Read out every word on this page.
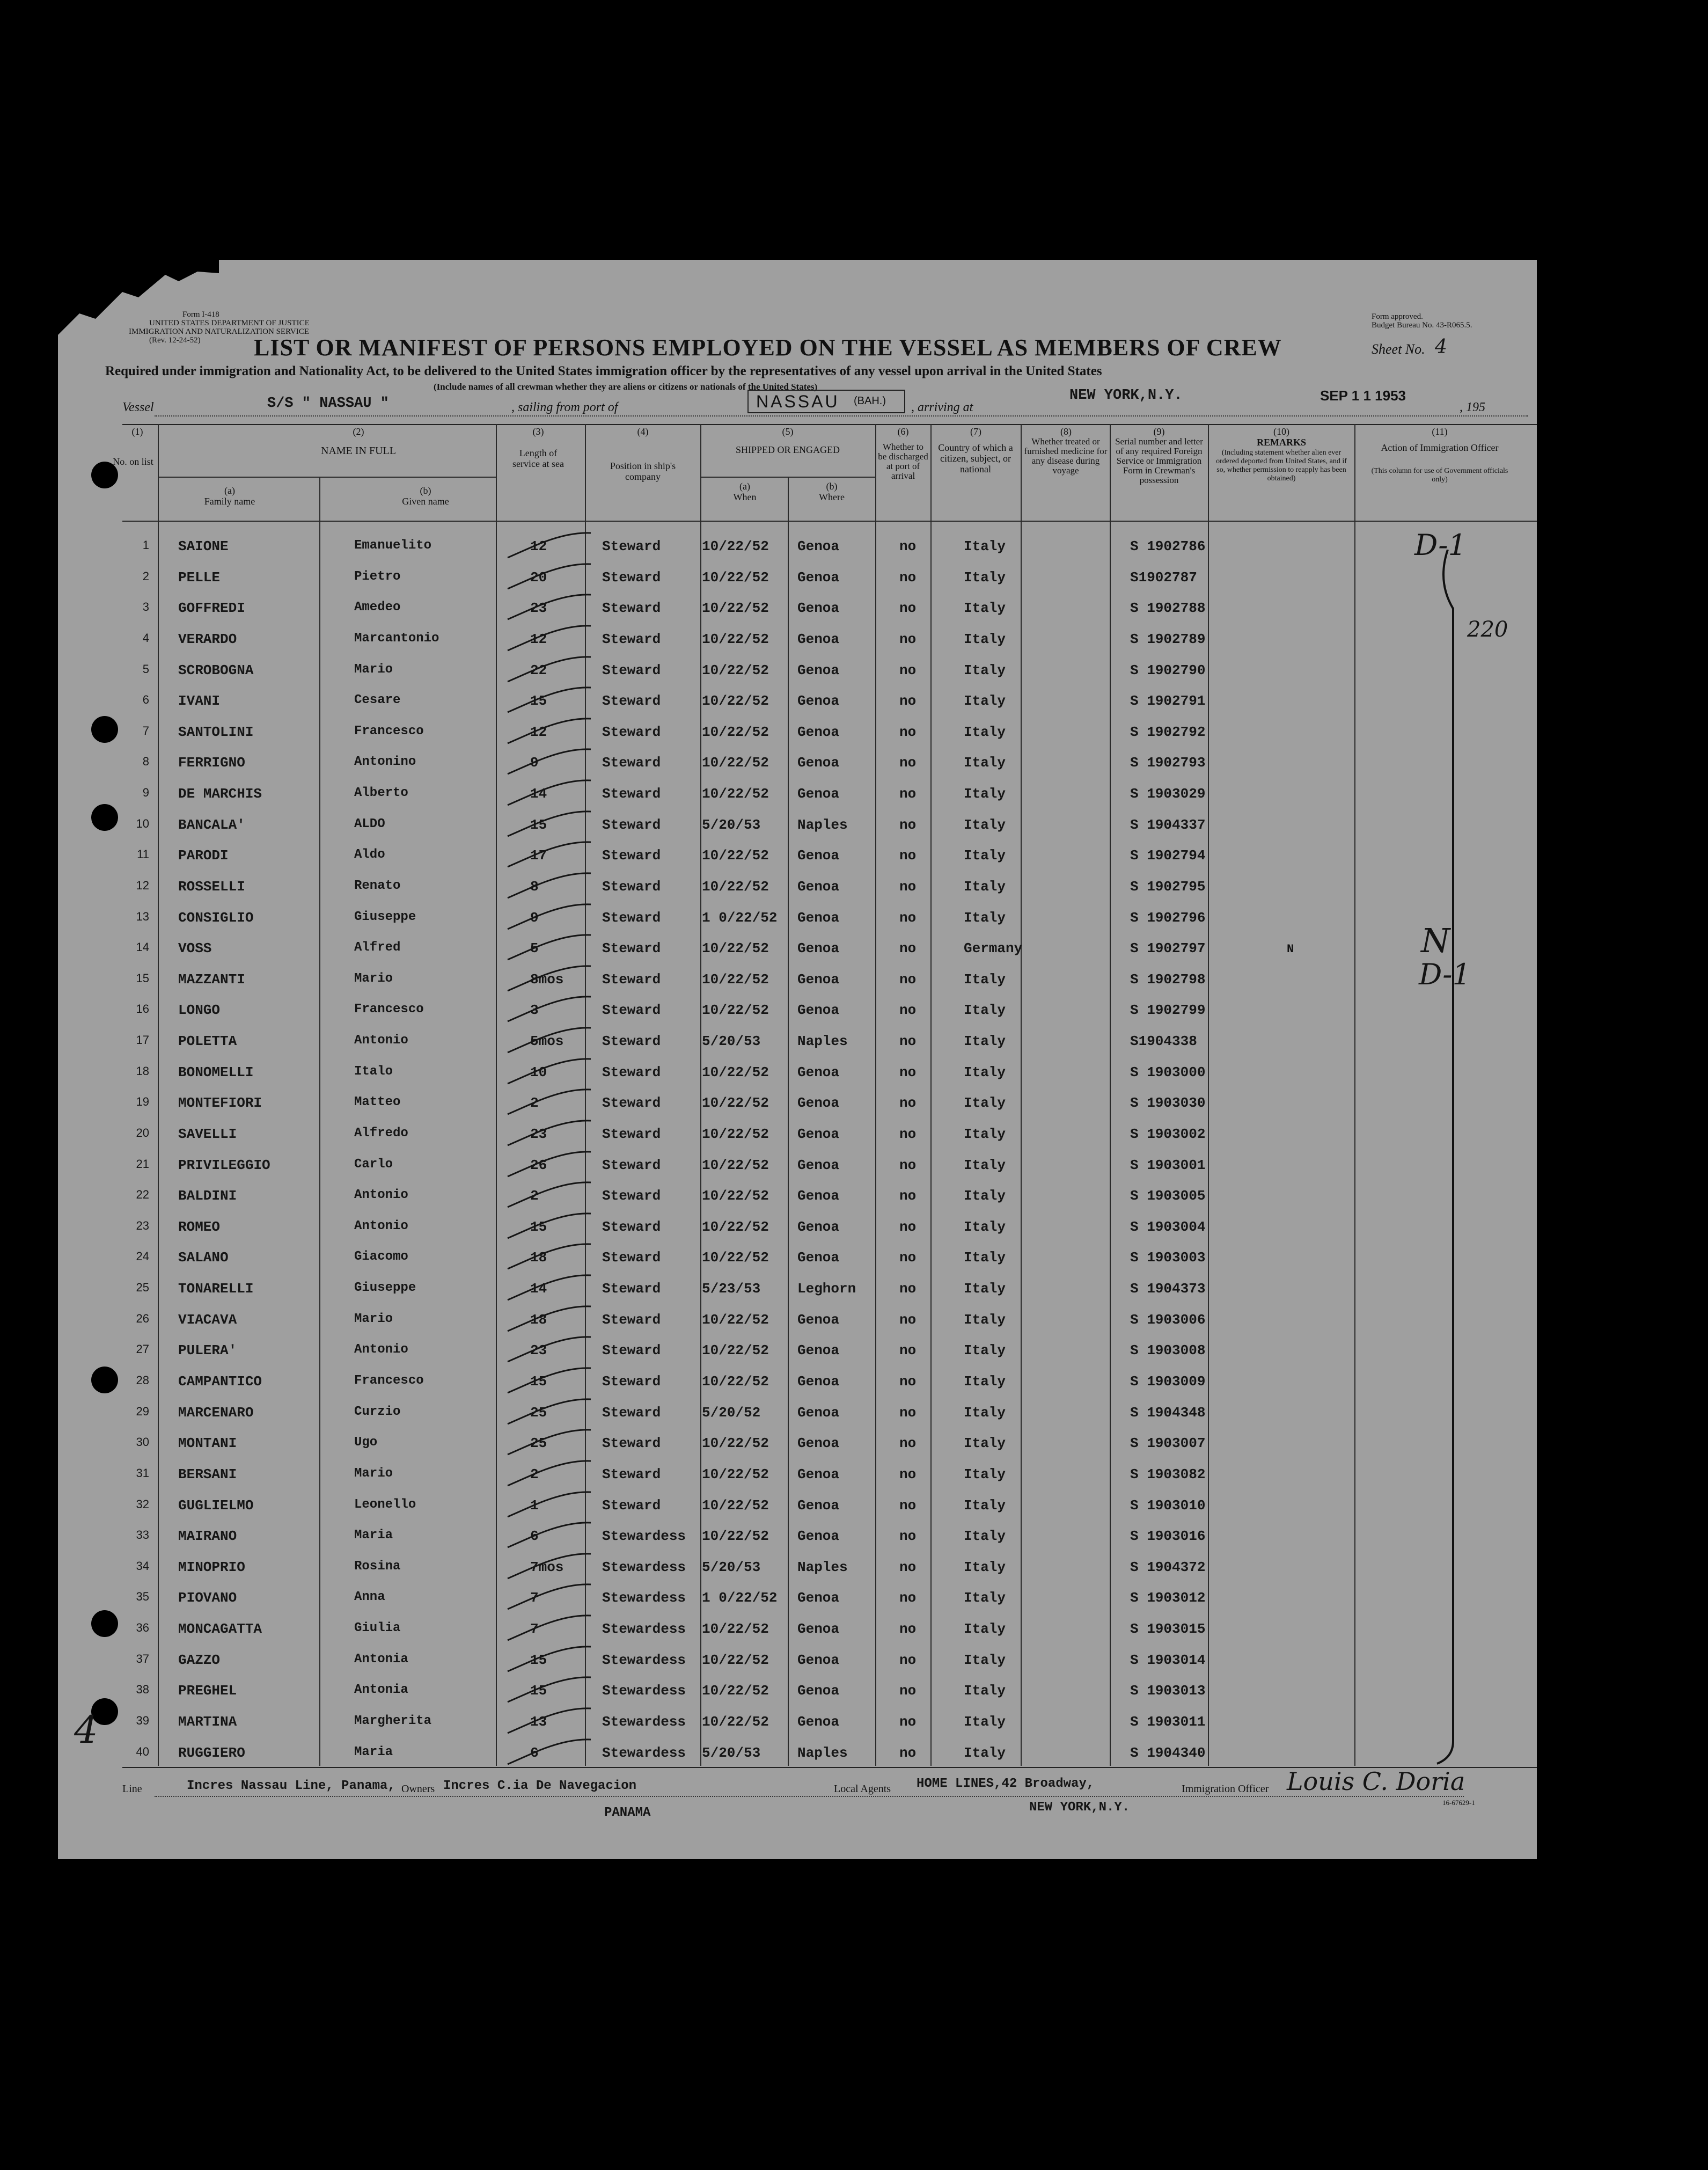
Form I-418
UNITED STATES DEPARTMENT OF JUSTICE
IMMIGRATION AND NATURALIZATION SERVICE
(Rev. 12-24-52)
Form approved.
Budget Bureau No. 43-R065.5.
LIST OR MANIFEST OF PERSONS EMPLOYED ON THE VESSEL AS MEMBERS OF CREW	Sheet No. 4
Required under immigration and Nationality Act, to be delivered to the United States immigration officer by the representatives of any vessel upon arrival in the United States
(Include names of all crewman whether they are aliens or citizens or nationals of the United States)
Vessel	S/S " NASSAU "	, sailing from port of	NASSAU (BAH.) , arriving at
NEW YORK,N.Y.	SEP 1 1 1953
, 195
(1)
No. on list
(2)
NAME IN FULL
(a)
Family name
(b)
Given name
(3)
Length of service at sea
(4)
Position in ship's company
(5)
SHIPPED OR ENGAGED
(a)
When
(b)
Where
(6)
Whether to be discharged at port of arrival
(7)
Country of which a citizen, subject, or national
(8)
Whether treated or furnished medicine for any disease during voyage
(9)
Serial number and letter of any required Foreign Service or Immigration Form in Crewman's possession
(10)
REMARKS
(Including statement whether alien ever ordered deported from United States, and if so, whether permission to reapply has been obtained)
(11)
Action of Immigration Officer
(This column for use of Government officials only)
1 SAIONE	Emanuelito	12	Steward	10/22/52 Genoa	no	Italy	S 1902786
2 PELLE	Pietro	20	Steward	10/22/52 Genoa	no	Italy	S1902787
3 GOFFREDI	Amedeo	23	Steward	10/22/52 Genoa	no	Italy	S 1902788
4 VERARDO	Marcantonio	12	Steward	10/22/52 Genoa	no	Italy	S 1902789
5 SCROBOGNA	Mario	22	Steward	10/22/52 Genoa	no	Italy	S 1902790
6 IVANI	Cesare	15	Steward	10/22/52 Genoa	no	Italy	S 1902791
7 SANTOLINI	Francesco	12	Steward	10/22/52 Genoa	no	Italy	S 1902792
8 FERRIGNO	Antonino	9	Steward	10/22/52 Genoa	no	Italy	S 1902793
9 DE MARCHIS	Alberto	14	Steward	10/22/52 Genoa	no	Italy	S 1903029
10 BANCALA'	ALDO	15	Steward	5/20/53	Naples	no	Italy	S 1904337
11 PARODI	Aldo	17	Steward	10/22/52 Genoa	no	Italy	S 1902794
12 ROSSELLI	Renato	8	Steward	10/22/52 Genoa	no	Italy	S 1902795
13 CONSIGLIO	Giuseppe	9	Steward	1 0/22/52 Genoa	no	Italy	S 1902796
14 VOSS	Alfred	5	Steward	10/22/52 Genoa	no	Germany	S 1902797
15 MAZZANTI	Mario	8mos	Steward	10/22/52 Genoa	no	Italy	S 1902798
16 LONGO	Francesco	3	Steward	10/22/52 Genoa	no	Italy	S 1902799
17 POLETTA	Antonio	5mos	Steward	5/20/53	Naples	no	Italy	S1904338
18 BONOMELLI	Italo	10	Steward	10/22/52 Genoa	no	Italy	S 1903000
19 MONTEFIORI	Matteo	2	Steward	10/22/52 Genoa	no	Italy	S 1903030
20 SAVELLI	Alfredo	23	Steward	10/22/52 Genoa	no	Italy	S 1903002
21 PRIVILEGGIO	Carlo	26	Steward	10/22/52 Genoa	no	Italy	S 1903001
22 BALDINI	Antonio	2	Steward	10/22/52 Genoa	no	Italy	S 1903005
23 ROMEO	Antonio	15	Steward	10/22/52 Genoa	no	Italy	S 1903004
24 SALANO	Giacomo	18	Steward	10/22/52 Genoa	no	Italy	S 1903003
25 TONARELLI	Giuseppe	14	Steward	5/23/53	Leghorn	no	Italy	S 1904373
26 VIACAVA	Mario	18	Steward	10/22/52 Genoa	no	Italy	S 1903006
27 PULERA'	Antonio	23	Steward	10/22/52 Genoa	no	Italy	S 1903008
28 CAMPANTICO	Francesco	15	Steward	10/22/52 Genoa	no	Italy	S 1903009
29 MARCENARO	Curzio	25	Steward	5/20/52	Genoa	no	Italy	S 1904348
30 MONTANI	Ugo	25	Steward	10/22/52 Genoa	no	Italy	S 1903007
31 BERSANI	Mario	2	Steward	10/22/52 Genoa	no	Italy	S 1903082
32 GUGLIELMO	Leonello	1	Steward	10/22/52 Genoa	no	Italy	S 1903010
33 MAIRANO	Maria	6	Stewardess 10/22/52 Genoa	no	Italy	S 1903016
34 MINOPRIO	Rosina	7mos	Stewardess 5/20/53	Naples	no	Italy	S 1904372
35 PIOVANO	Anna	7	Stewardess 1 0/22/52 Genoa	no	Italy	S 1903012
36 MONCAGATTA	Giulia	7	Stewardess 10/22/52 Genoa	no	Italy	S 1903015
37 GAZZO	Antonia	15	Stewardess 10/22/52 Genoa	no	Italy	S 1903014
38 PREGHEL	Antonia	15	Stewardess 10/22/52 Genoa	no	Italy	S 1903013
39 MARTINA	Margherita	13	Stewardess 10/22/52 Genoa	no	Italy	S 1903011
40 RUGGIERO	Maria	6	Stewardess 5/20/53	Naples	no	Italy	S 1904340
D-1
220
N
D-1
N
4
Line	Incres Nassau Line, Panama, Owners Incres C.ia De Navegacion
PANAMA
Local Agents HOME LINES,42 Broadway,
NEW YORK,N.Y.
Immigration Officer Louis C. Doria
16-67629-1
